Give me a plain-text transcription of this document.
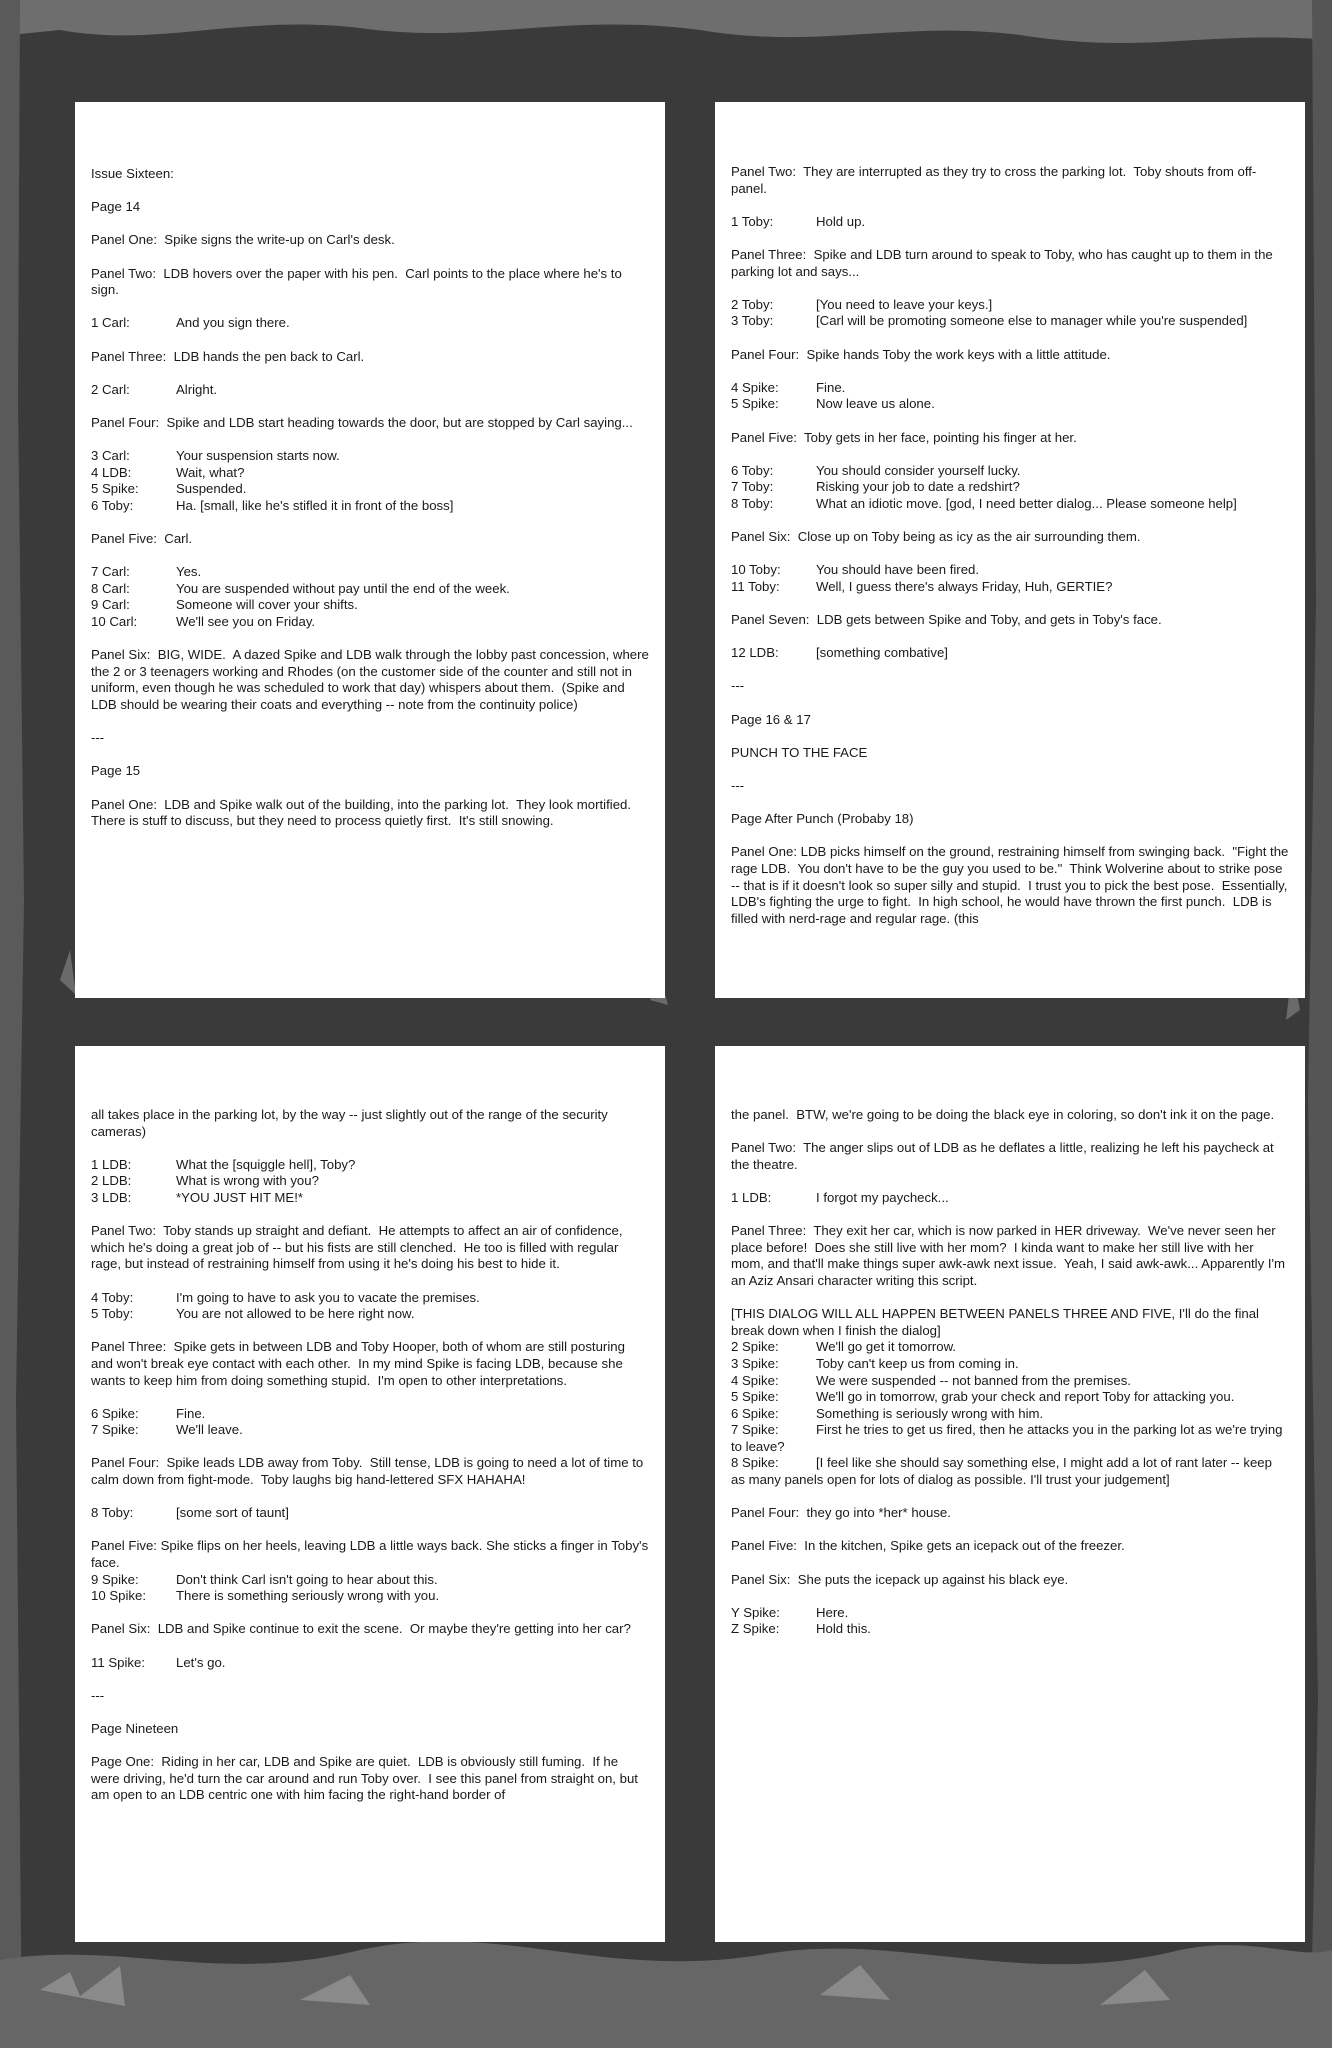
Issue Sixteen:
Page 14
Panel One:  Spike signs the write-up on Carl's desk.
Panel Two:  LDB hovers over the paper with his pen.  Carl points to the place where he's to sign.
1 Carl:	And you sign there.
Panel Three:  LDB hands the pen back to Carl.
2 Carl:	Alright.
Panel Four:  Spike and LDB start heading towards the door, but are stopped by Carl saying...
3 Carl:	Your suspension starts now.
4 LDB:	Wait, what?
5 Spike:	Suspended.
6 Toby:	Ha. [small, like he's stifled it in front of the boss]
Panel Five:  Carl.
7 Carl:	Yes.
8 Carl:	You are suspended without pay until the end of the week.
9 Carl:	Someone will cover your shifts.
10 Carl:	We'll see you on Friday.
Panel Six:  BIG, WIDE.  A dazed Spike and LDB walk through the lobby past concession, where the 2 or 3 teenagers working and Rhodes (on the customer side of the counter and still not in uniform, even though he was scheduled to work that day) whispers about them.  (Spike and LDB should be wearing their coats and everything -- note from the continuity police)

---
Page 15
Panel One:  LDB and Spike walk out of the building, into the parking lot.  They look mortified.  There is stuff to discuss, but they need to process quietly first.  It's still snowing.
Panel Two:  They are interrupted as they try to cross the parking lot.  Toby shouts from off-panel.
1 Toby:	Hold up.
Panel Three:  Spike and LDB turn around to speak to Toby, who has caught up to them in the parking lot and says...
2 Toby:	[You need to leave your keys.]
3 Toby:	[Carl will be promoting someone else to manager while you're suspended]
Panel Four:  Spike hands Toby the work keys with a little attitude.
4 Spike:	Fine.
5 Spike:	Now leave us alone.
Panel Five:  Toby gets in her face, pointing his finger at her.
6 Toby:	You should consider yourself lucky.
7 Toby:	Risking your job to date a redshirt?
8 Toby:	What an idiotic move. [god, I need better dialog... Please someone help]
Panel Six:  Close up on Toby being as icy as the air surrounding them.
10 Toby:	You should have been fired.
11 Toby:	Well, I guess there's always Friday, Huh, GERTIE?
Panel Seven:  LDB gets between Spike and Toby, and gets in Toby's face.
12 LDB:	[something combative]
---
Page 16 & 17
PUNCH TO THE FACE
---
Page After Punch (Probaby 18)
Panel One: LDB picks himself on the ground, restraining himself from swinging back.  "Fight the rage LDB.  You don't have to be the guy you used to be."  Think Wolverine about to strike pose -- that is if it doesn't look so super silly and stupid.  I trust you to pick the best pose.  Essentially, LDB's fighting the urge to fight.  In high school, he would have thrown the first punch.  LDB is filled with nerd-rage and regular rage. (this
all takes place in the parking lot, by the way -- just slightly out of the range of the security cameras)
1 LDB:	What the [squiggle hell], Toby?
2 LDB:	What is wrong with you?
3 LDB:	*YOU JUST HIT ME!*
Panel Two:  Toby stands up straight and defiant.  He attempts to affect an air of confidence, which he's doing a great job of -- but his fists are still clenched.  He too is filled with regular rage, but instead of restraining himself from using it he's doing his best to hide it.
4 Toby:	I'm going to have to ask you to vacate the premises.
5 Toby:	You are not allowed to be here right now.
Panel Three:  Spike gets in between LDB and Toby Hooper, both of whom are still posturing and won't break eye contact with each other.  In my mind Spike is facing LDB, because she wants to keep him from doing something stupid.  I'm open to other interpretations.
6 Spike:	Fine.
7 Spike:	We'll leave.
Panel Four:  Spike leads LDB away from Toby.  Still tense, LDB is going to need a lot of time to calm down from fight-mode.  Toby laughs big hand-lettered SFX HAHAHA!
8 Toby:	[some sort of taunt]
Panel Five: Spike flips on her heels, leaving LDB a little ways back. She sticks a finger in Toby's face.
9 Spike:	Don't think Carl isn't going to hear about this.
10 Spike:	There is something seriously wrong with you.
Panel Six:  LDB and Spike continue to exit the scene.  Or maybe they're getting into her car?
11 Spike:	Let's go.
---
Page Nineteen
Page One:  Riding in her car, LDB and Spike are quiet.  LDB is obviously still fuming.  If he were driving, he'd turn the car around and run Toby over.  I see this panel from straight on, but am open to an LDB centric one with him facing the right-hand border of
the panel.  BTW, we're going to be doing the black eye in coloring, so don't ink it on the page.
Panel Two:  The anger slips out of LDB as he deflates a little, realizing he left his paycheck at the theatre.
1 LDB:	I forgot my paycheck...
Panel Three:  They exit her car, which is now parked in HER driveway.  We've never seen her place before!  Does she still live with her mom?  I kinda want to make her still live with her mom, and that'll make things super awk-awk next issue.  Yeah, I said awk-awk... Apparently I'm an Aziz Ansari character writing this script.
[THIS DIALOG WILL ALL HAPPEN BETWEEN PANELS THREE AND FIVE, I'll do the final break down when I finish the dialog]
2 Spike:	We'll go get it tomorrow.
3 Spike:	Toby can't keep us from coming in.
4 Spike:	We were suspended -- not banned from the premises.
5 Spike:	We'll go in tomorrow, grab your check and report Toby for attacking you.
6 Spike:	Something is seriously wrong with him.
7 Spike:	First he tries to get us fired, then he attacks you in the parking lot as we're trying to leave?
8 Spike:	[I feel like she should say something else, I might add a lot of rant later -- keep as many panels open for lots of dialog as possible. I'll trust your judgement]
Panel Four:  they go into *her* house.
Panel Five:  In the kitchen, Spike gets an icepack out of the freezer.
Panel Six:  She puts the icepack up against his black eye.
Y Spike:	Here.
Z Spike:	Hold this.
